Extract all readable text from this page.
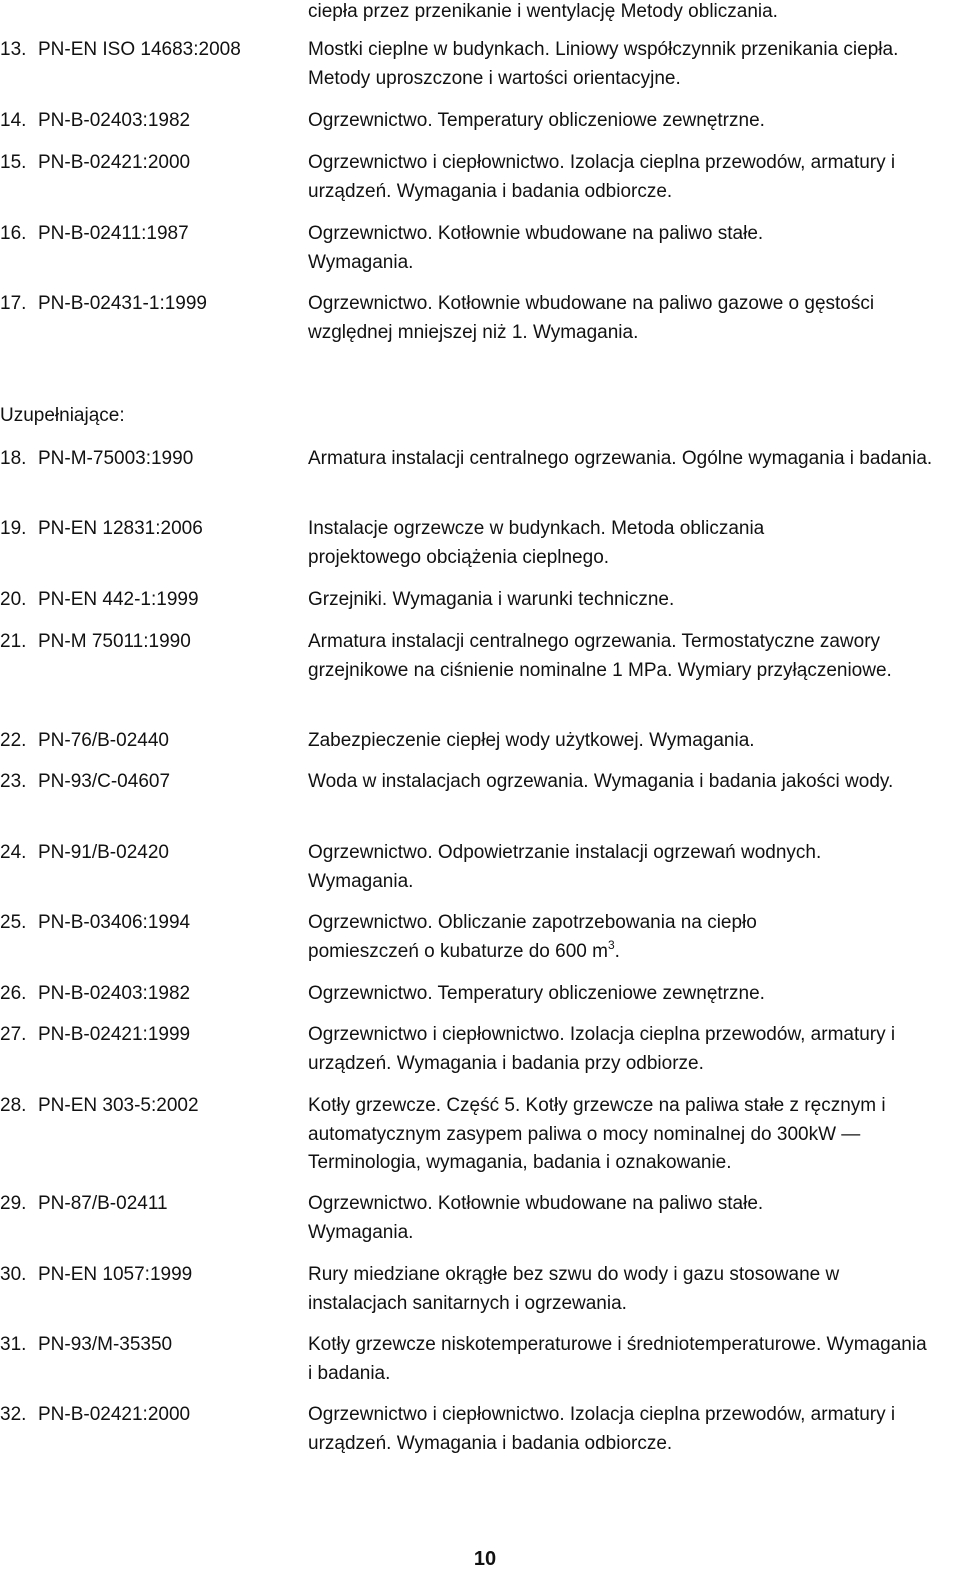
ciepła przez przenikanie i wentylację Metody obliczania.
13. PN-EN ISO 14683:2008	Mostki cieplne w budynkach. Liniowy współczynnik przenikania ciepła. Metody uproszczone i wartości orientacyjne.
14. PN-B-02403:1982	Ogrzewnictwo. Temperatury obliczeniowe zewnętrzne.
15. PN-B-02421:2000	Ogrzewnictwo i ciepłownictwo. Izolacja cieplna przewodów, armatury i urządzeń. Wymagania i badania odbiorcze.
16. PN-B-02411:1987	Ogrzewnictwo. Kotłownie wbudowane na paliwo stałe. Wymagania.
17. PN-B-02431-1:1999	Ogrzewnictwo. Kotłownie wbudowane na paliwo gazowe o gęstości względnej mniejszej niż 1. Wymagania.
Uzupełniające:
18. PN-M-75003:1990	Armatura instalacji centralnego ogrzewania. Ogólne wymagania i badania.
19. PN-EN 12831:2006	Instalacje ogrzewcze w budynkach. Metoda obliczania projektowego obciążenia cieplnego.
20. PN-EN 442-1:1999	Grzejniki. Wymagania i warunki techniczne.
21. PN-M 75011:1990	Armatura instalacji centralnego ogrzewania. Termostatyczne zawory grzejnikowe na ciśnienie nominalne 1 MPa. Wymiary przyłączeniowe.
22. PN-76/B-02440	Zabezpieczenie ciepłej wody użytkowej. Wymagania.
23. PN-93/C-04607	Woda w instalacjach ogrzewania. Wymagania i badania jakości wody.
24. PN-91/B-02420	Ogrzewnictwo. Odpowietrzanie instalacji ogrzewań wodnych. Wymagania.
25. PN-B-03406:1994	Ogrzewnictwo. Obliczanie zapotrzebowania na ciepło pomieszczeń o kubaturze do 600 $m^3$.
26. PN-B-02403:1982	Ogrzewnictwo. Temperatury obliczeniowe zewnętrzne.
27. PN-B-02421:1999	Ogrzewnictwo i ciepłownictwo. Izolacja cieplna przewodów, armatury i urządzeń. Wymagania i badania przy odbiorze.
28. PN-EN 303-5:2002	Kotły grzewcze. Część 5. Kotły grzewcze na paliwa stałe z ręcznym i automatycznym zasypem paliwa o mocy nominalnej do 300kW — Terminologia, wymagania, badania i oznakowanie.
29. PN-87/B-02411	Ogrzewnictwo. Kotłownie wbudowane na paliwo stałe. Wymagania.
30. PN-EN 1057:1999	Rury miedziane okrągłe bez szwu do wody i gazu stosowane w instalacjach sanitarnych i ogrzewania.
31. PN-93/M-35350	Kotły grzewcze niskotemperaturowe i średniotemperaturowe. Wymagania i badania.
32. PN-B-02421:2000	Ogrzewnictwo i ciepłownictwo. Izolacja cieplna przewodów, armatury i urządzeń. Wymagania i badania odbiorcze.
10
